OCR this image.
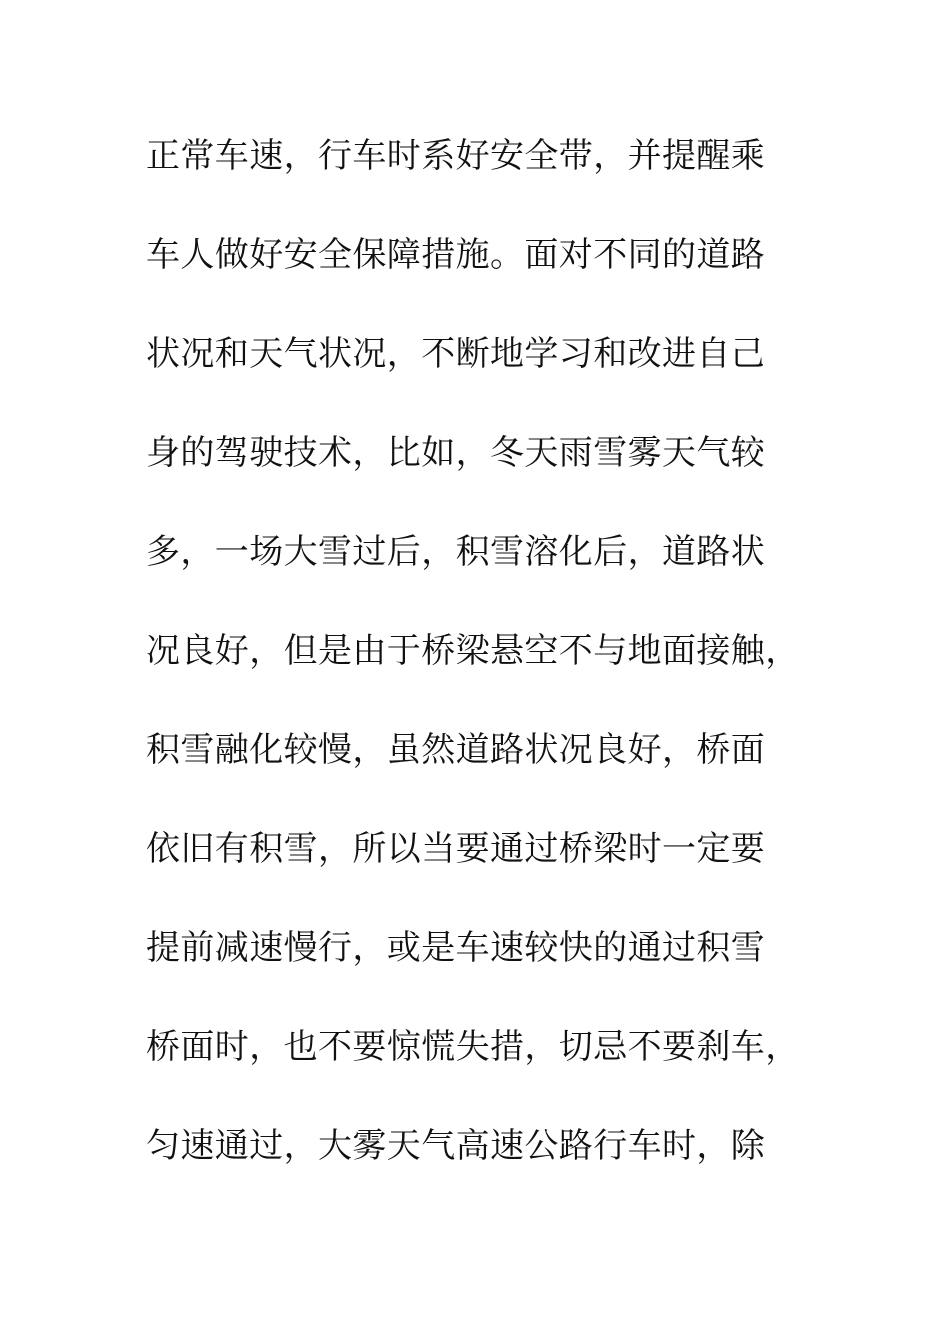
正常车速，行车时系好安全带，并提醒乘
车人做好安全保障措施。面对不同的道路
状况和天气状况，不断地学习和改进自己
身的驾驶技术，比如，冬天雨雪雾天气较
多，一场大雪过后，积雪溶化后，道路状
况良好，但是由于桥梁悬空不与地面接触，
积雪融化较慢，虽然道路状况良好，桥面
依旧有积雪，所以当要通过桥梁时一定要
提前减速慢行，或是车速较快的通过积雪
桥面时，也不要惊慌失措，切忌不要刹车，
匀速通过，大雾天气高速公路行车时，除
